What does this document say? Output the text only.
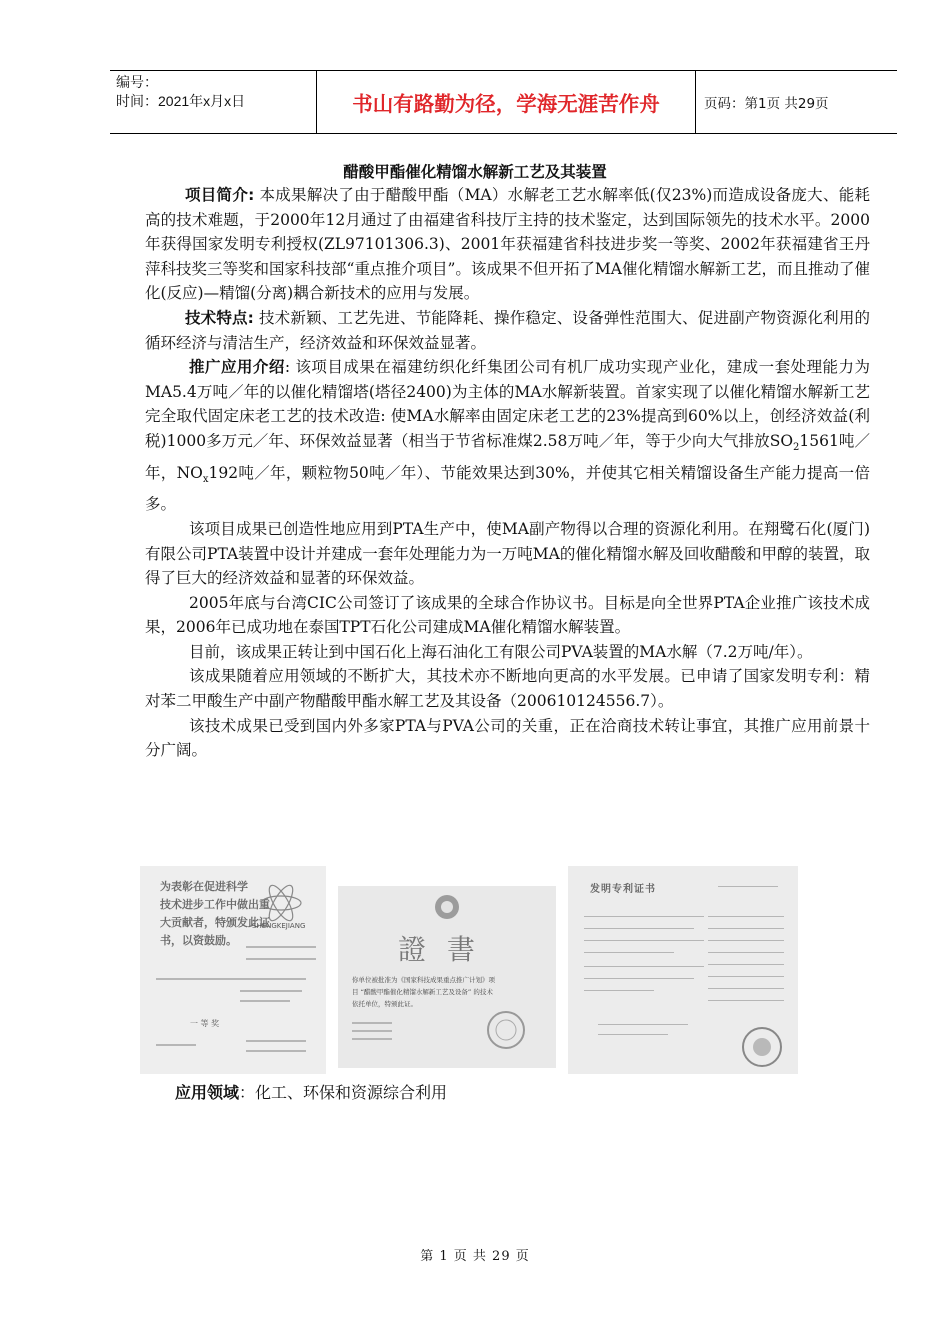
编号：
时间：2021年x月x日	书山有路勤为径，学海无涯苦作舟	页码：第1页 共29页
醋酸甲酯催化精馏水解新工艺及其装置

项目简介: 本成果解决了由于醋酸甲酯（MA）水解老工艺水解率低(仅23%)而造成设备庞大、能耗高的技术难题，于2000年12月通过了由福建省科技厅主持的技术鉴定，达到国际领先的技术水平。2000年获得国家发明专利授权(ZL97101306.3)、2001年获福建省科技进步奖一等奖、2002年获福建省王丹萍科技奖三等奖和国家科技部“重点推介项目”。该成果不但开拓了MA催化精馏水解新工艺，而且推动了催化(反应)—精馏(分离)耦合新技术的应用与发展。

技术特点: 技术新颖、工艺先进、节能降耗、操作稳定、设备弹性范围大、促进副产物资源化利用的循环经济与清洁生产，经济效益和环保效益显著。

推广应用介绍: 该项目成果在福建纺织化纤集团公司有机厂成功实现产业化，建成一套处理能力为MA5.4万吨／年的以催化精馏塔(塔径2400)为主体的MA水解新装置。首家实现了以催化精馏水解新工艺完全取代固定床老工艺的技术改造: 使MA水解率由固定床老工艺的23%提高到60%以上，创经济效益(利税)1000多万元／年、环保效益显著（相当于节省标准煤2.58万吨／年，等于少向大气排放$SO_21561$吨／年，$NO_x192$吨／年，颗粒物50吨／年）、节能效果达到30%，并使其它相关精馏设备生产能力提高一倍多。

该项目成果已创造性地应用到PTA生产中，使MA副产物得以合理的资源化利用。在翔鹭石化(厦门)有限公司PTA装置中设计并建成一套年处理能力为一万吨MA的催化精馏水解及回收醋酸和甲醇的装置，取得了巨大的经济效益和显著的环保效益。

2005年底与台湾CIC公司签订了该成果的全球合作协议书。目标是向全世界PTA企业推广该技术成果，2006年已成功地在泰国TPT石化公司建成MA催化精馏水解装置。

目前，该成果正转让到中国石化上海石油化工有限公司PVA装置的MA水解（7.2万吨/年）。

该成果随着应用领域的不断扩大，其技术亦不断地向更高的水平发展。已申请了国家发明专利：精对苯二甲酸生产中副产物醋酸甲酯水解工艺及其设备（200610124556.7）。

该技术成果已受到国内外多家PTA与PVA公司的关重，正在洽商技术转让事宜，其推广应用前景十分广阔。

为表彰在促进科学
技术进步工作中做出重
大贡献者，特颁发此证
书，以资鼓励。
SHENGKEJIANG
一 等 奖
證 書
你单位被批准为《国家科技成果重点推广计划》项
目 “醋酸甲酯催化精馏水解新工艺及设备” 的技术
依托单位，特颁此证。
发明专利证书
应用领域：化工、环保和资源综合利用
第 1 页 共 29 页
